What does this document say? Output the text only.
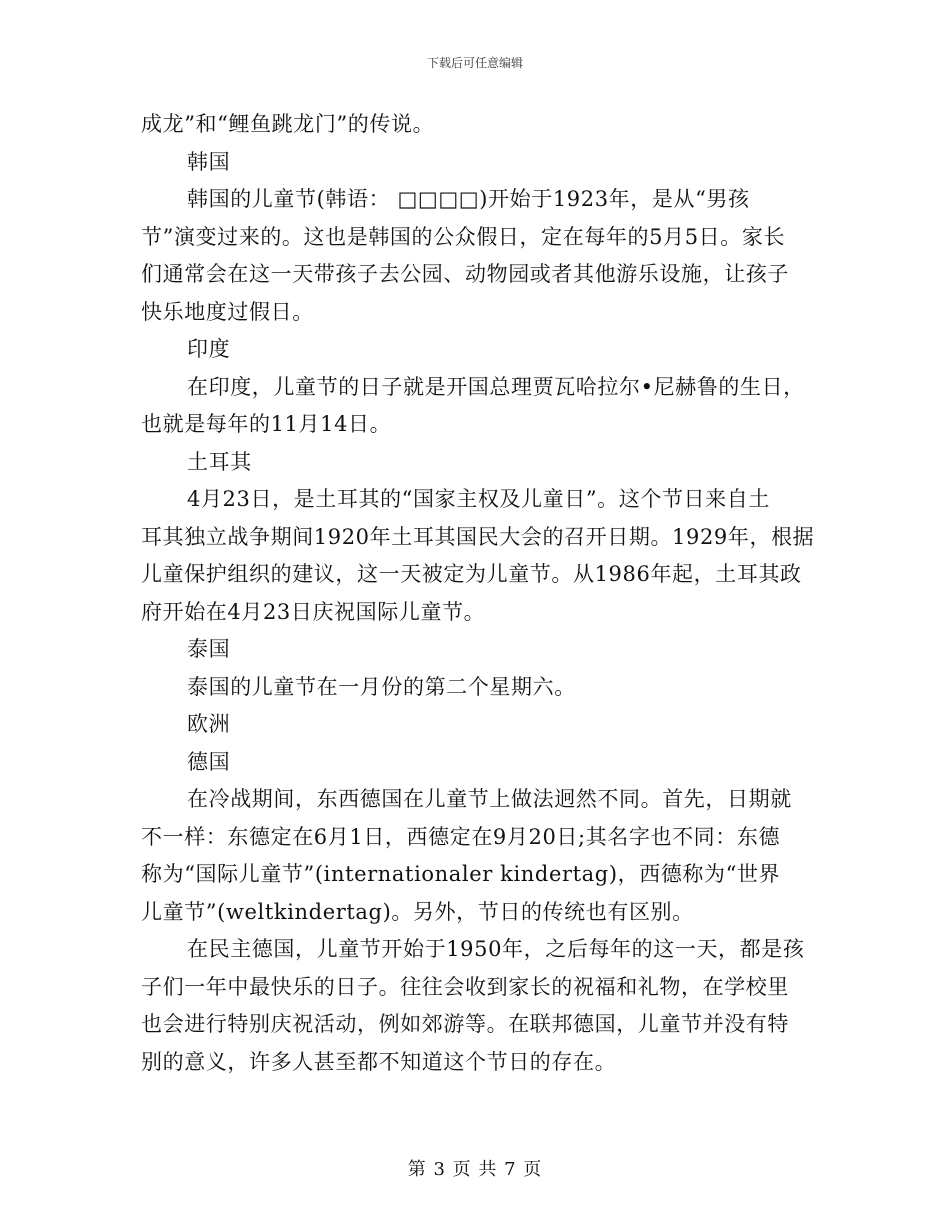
下载后可任意编辑
成龙”和“鲤鱼跳龙门”的传说。
韩国
韩国的儿童节(韩语： □□□□)开始于1923年，是从“男孩
节”演变过来的。这也是韩国的公众假日，定在每年的5月5日。家长
们通常会在这一天带孩子去公园、动物园或者其他游乐设施，让孩子
快乐地度过假日。
印度
在印度，儿童节的日子就是开国总理贾瓦哈拉尔•尼赫鲁的生日，
也就是每年的11月14日。
土耳其
4月23日，是土耳其的“国家主权及儿童日”。这个节日来自土
耳其独立战争期间1920年土耳其国民大会的召开日期。1929年，根据
儿童保护组织的建议，这一天被定为儿童节。从1986年起，土耳其政
府开始在4月23日庆祝国际儿童节。
泰国
泰国的儿童节在一月份的第二个星期六。
欧洲
德国
在冷战期间，东西德国在儿童节上做法迥然不同。首先，日期就
不一样：东德定在6月1日，西德定在9月20日;其名字也不同：东德
称为“国际儿童节”(internationaler kindertag)，西德称为“世界
儿童节”(weltkindertag)。另外，节日的传统也有区别。
在民主德国，儿童节开始于1950年，之后每年的这一天，都是孩
子们一年中最快乐的日子。往往会收到家长的祝福和礼物，在学校里
也会进行特别庆祝活动，例如郊游等。在联邦德国，儿童节并没有特
别的意义，许多人甚至都不知道这个节日的存在。
第 3 页 共 7 页
